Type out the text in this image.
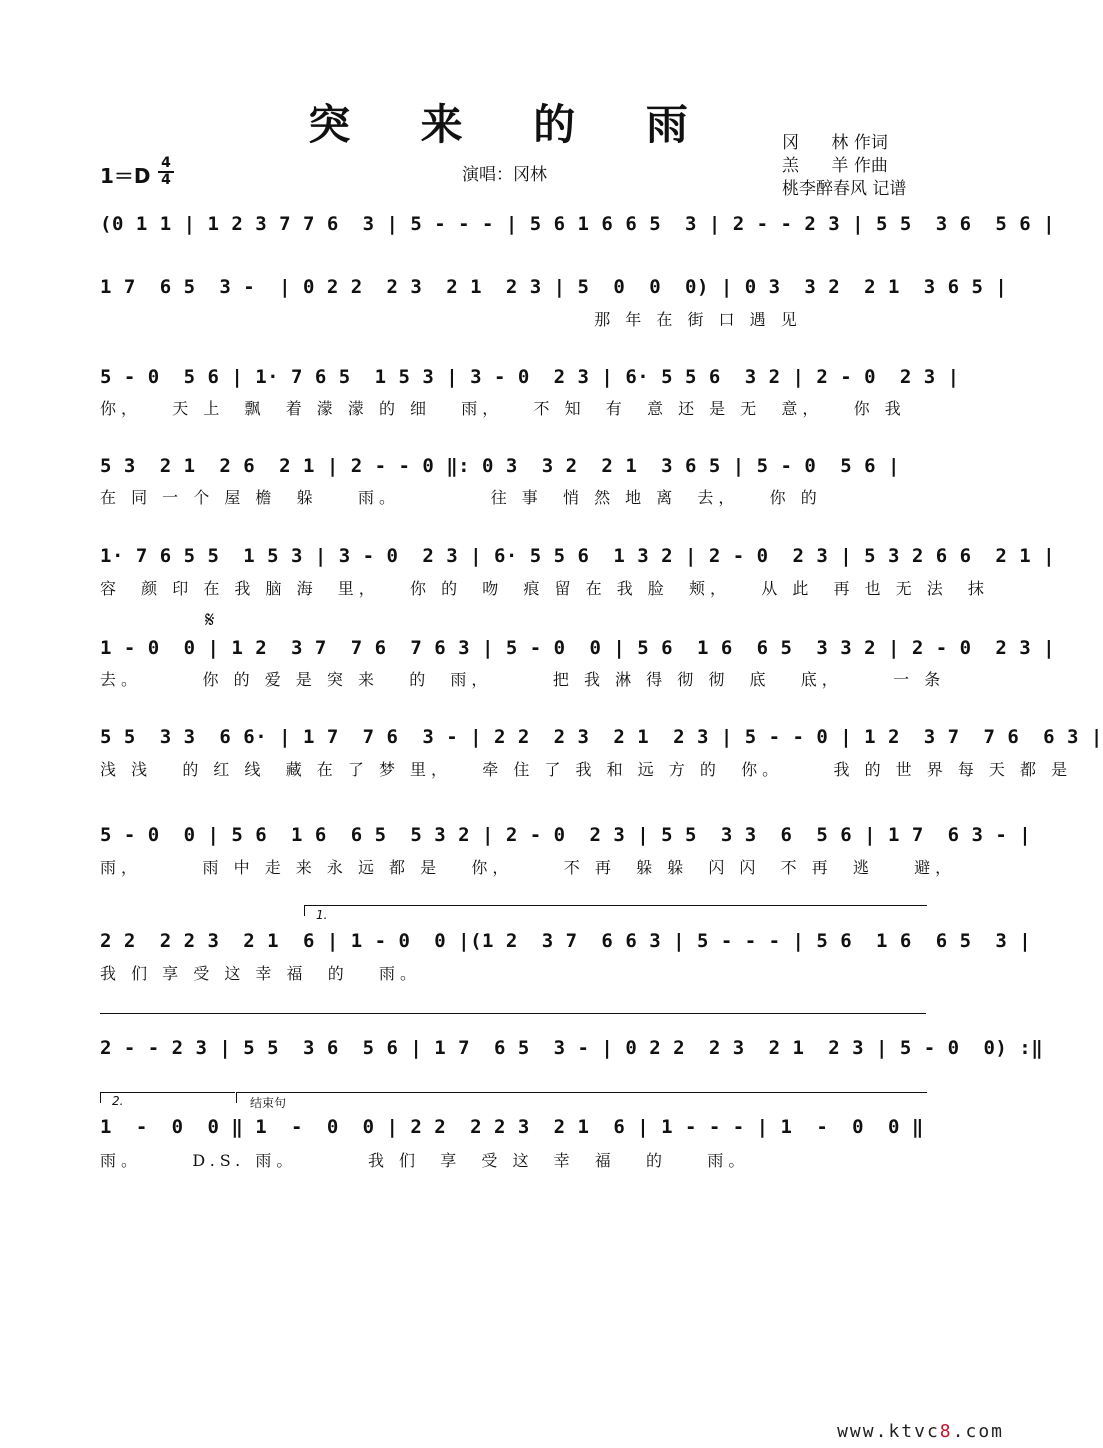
突 来 的 雨	冈      林 作词
羔      羊 作曲
桃李醉春风 记谱
1＝D
4
4	演唱：冈林
(0 1 1 | 1 2 3 7 7 6  3 | 5 - - - | 5 6 1 6 6 5  3 | 2 - - 2 3 | 5 5  3 6  5 6 |
1 7  6 5  3 -  | 0 2 2  2 3  2 1  2 3 | 5  0  0  0) | 0 3  3 2  2 1  3 6 5 |
那 年 在 街 口 遇 见
5 - 0  5 6 | 1· 7 6 5  1 5 3 | 3 - 0  2 3 | 6· 5 5 6  3 2 | 2 - 0  2 3 |
你，   天 上  飘  着 濛 濛 的 细   雨，   不 知  有  意 还 是 无  意，   你 我
5 3  2 1  2 6  2 1 | 2 - - 0 ‖: 0 3  3 2  2 1  3 6 5 | 5 - 0  5 6 |
在 同 一 个 屋 檐  躲    雨。         往 事  悄 然 地 离  去，   你 的
1· 7 6 5 5  1 5 3 | 3 - 0  2 3 | 6· 5 5 6  1 3 2 | 2 - 0  2 3 | 5 3 2 6 6  2 1 |
容  颜 印 在 我 脑 海  里，   你 的  吻  痕 留 在 我 脸  颊，   从 此  再 也 无 法  抹
𝄋
1 - 0  0 | 1 2  3 7  7 6  7 6 3 | 5 - 0  0 | 5 6  1 6  6 5  3 3 2 | 2 - 0  2 3 |
去。      你 的 爱 是 突 来   的  雨，      把 我 淋 得 彻 彻  底   底，     一 条
5 5  3 3  6 6· | 1 7  7 6  3 - | 2 2  2 3  2 1  2 3 | 5 - - 0 | 1 2  3 7  7 6  6 3 |
浅 浅   的 红 线  藏 在 了 梦 里，   牵 住 了 我 和 远 方 的  你。     我 的 世 界 每 天 都 是
5 - 0  0 | 5 6  1 6  6 5  5 3 2 | 2 - 0  2 3 | 5 5  3 3  6  5 6 | 1 7  6 3 - |
雨，      雨 中 走 来 永 远 都 是   你，     不 再  躲 躲  闪 闪  不 再  逃    避，
1.
2 2  2 2 3  2 1  6 | 1 - 0  0 |(1 2  3 7  6 6 3 | 5 - - - | 5 6  1 6  6 5  3 |
我 们 享 受 这 幸 福  的   雨。
2 - - 2 3 | 5 5  3 6  5 6 | 1 7  6 5  3 - | 0 2 2  2 3  2 1  2 3 | 5 - 0  0) :‖
2.	结束句
1  -  0  0 ‖ 1  -  0  0 | 2 2  2 2 3  2 1  6 | 1 - - - | 1  -  0  0 ‖
雨。     D.S. 雨。       我 们  享  受 这  幸  福   的    雨。
www.ktvc8.com
